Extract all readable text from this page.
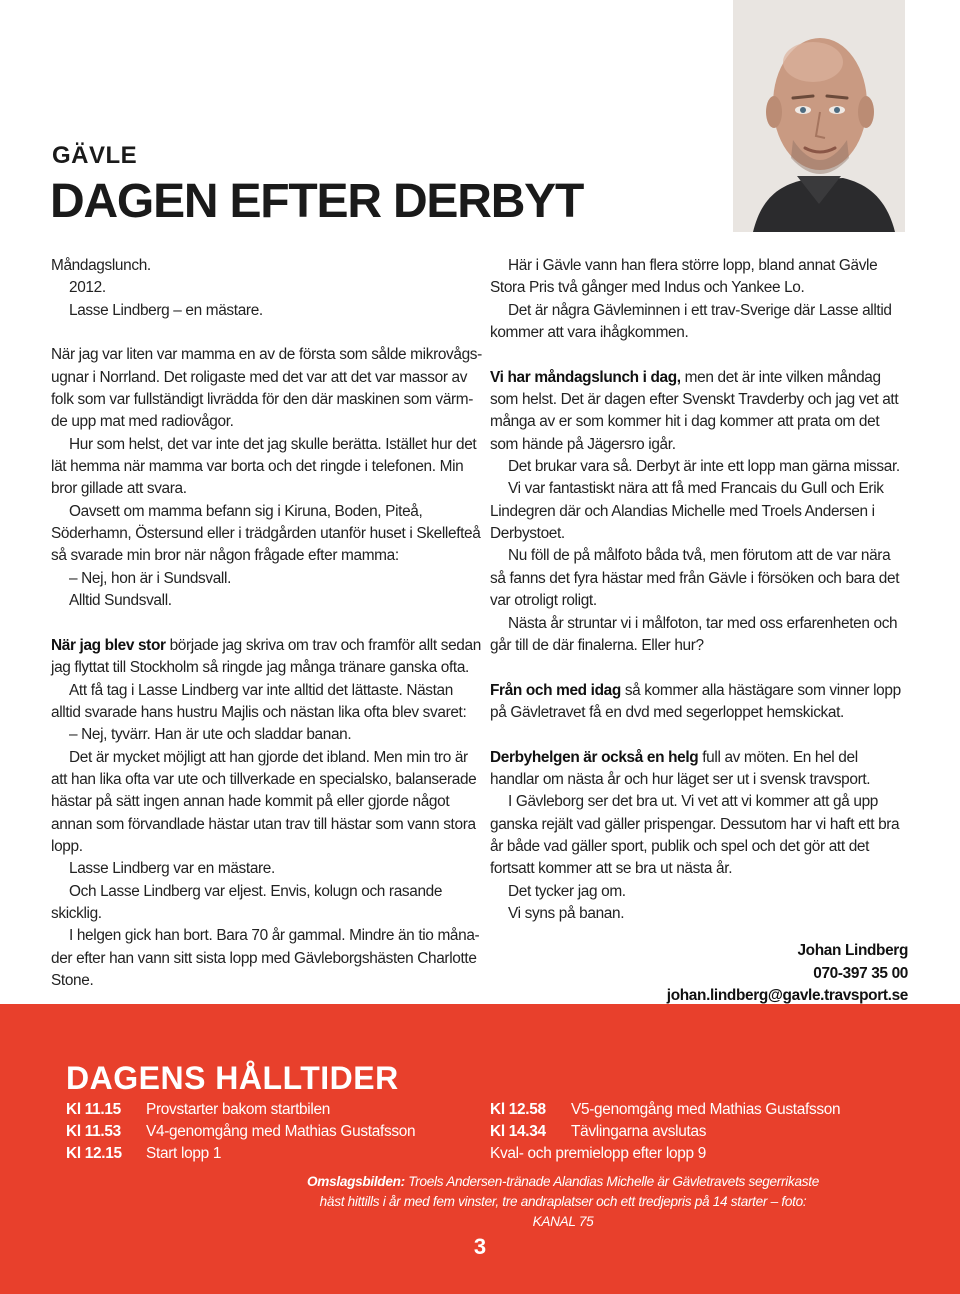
GÄVLE
DAGEN EFTER DERBYT

Måndagslunch.

2012.

Lasse Lindberg – en mästare.

När jag var liten var mamma en av de första som sålde mikrovågs-ugnar i Norrland. Det roligaste med det var att det var massor av folk som var fullständigt livrädda för den där maskinen som värm-de upp mat med radiovågor.

Hur som helst, det var inte det jag skulle berätta. Istället hur det lät hemma när mamma var borta och det ringde i telefonen. Min bror gillade att svara.

Oavsett om mamma befann sig i Kiruna, Boden, Piteå, Söderhamn, Östersund eller i trädgården utanför huset i Skellefteå så svarade min bror när någon frågade efter mamma:

– Nej, hon är i Sundsvall.

Alltid Sundsvall.

När jag blev stor började jag skriva om trav och framför allt sedan jag flyttat till Stockholm så ringde jag många tränare ganska ofta.

Att få tag i Lasse Lindberg var inte alltid det lättaste. Nästan alltid svarade hans hustru Majlis och nästan lika ofta blev svaret:

– Nej, tyvärr. Han är ute och sladdar banan.

Det är mycket möjligt att han gjorde det ibland. Men min tro är att han lika ofta var ute och tillverkade en specialsko, balanserade hästar på sätt ingen annan hade kommit på eller gjorde något annan som förvandlade hästar utan trav till hästar som vann stora lopp.

Lasse Lindberg var en mästare.

Och Lasse Lindberg var eljest. Envis, kolugn och rasande skicklig.

I helgen gick han bort. Bara 70 år gammal. Mindre än tio måna-der efter han vann sitt sista lopp med Gävleborgshästen Charlotte Stone.

Här i Gävle vann han flera större lopp, bland annat Gävle Stora Pris två gånger med Indus och Yankee Lo.

Det är några Gävleminnen i ett trav-Sverige där Lasse alltid kommer att vara ihågkommen.

Vi har måndagslunch i dag, men det är inte vilken måndag som helst. Det är dagen efter Svenskt Travderby och jag vet att många av er som kommer hit i dag kommer att prata om det som hände på Jägersro igår.

Det brukar vara så. Derbyt är inte ett lopp man gärna missar.

Vi var fantastiskt nära att få med Francais du Gull och Erik Lindegren där och Alandias Michelle med Troels Andersen i Derbystoet.

Nu föll de på målfoto båda två, men förutom att de var nära så fanns det fyra hästar med från Gävle i försöken och bara det var otroligt roligt.

Nästa år struntar vi i målfoton, tar med oss erfarenheten och går till de där finalerna. Eller hur?

Från och med idag så kommer alla hästägare som vinner lopp på Gävletravet få en dvd med segerloppet hemskickat.

Derbyhelgen är också en helg full av möten. En hel del handlar om nästa år och hur läget ser ut i svensk travsport.

I Gävleborg ser det bra ut. Vi vet att vi kommer att gå upp ganska rejält vad gäller prispengar. Dessutom har vi haft ett bra år både vad gäller sport, publik och spel och det gör att det fortsatt kommer att se bra ut nästa år.

Det tycker jag om.

Vi syns på banan.

Johan Lindberg

070-397 35 00

johan.lindberg@gavle.travsport.se

DAGENS HÅLLTIDER
Kl 11.15	Provstarter bakom startbilen
Kl 11.53	V4-genomgång med Mathias Gustafsson
Kl 12.15	Start lopp 1
Kl 12.58	V5-genomgång med Mathias Gustafsson
Kl 14.34	Tävlingarna avslutas
Kval- och premielopp efter lopp 9
Omslagsbilden: Troels Andersen-tränade Alandias Michelle är Gävletravets segerrikaste häst hittills i år med fem vinster, tre andraplatser och ett tredjepris på 14 starter – foto: KANAL 75
3
